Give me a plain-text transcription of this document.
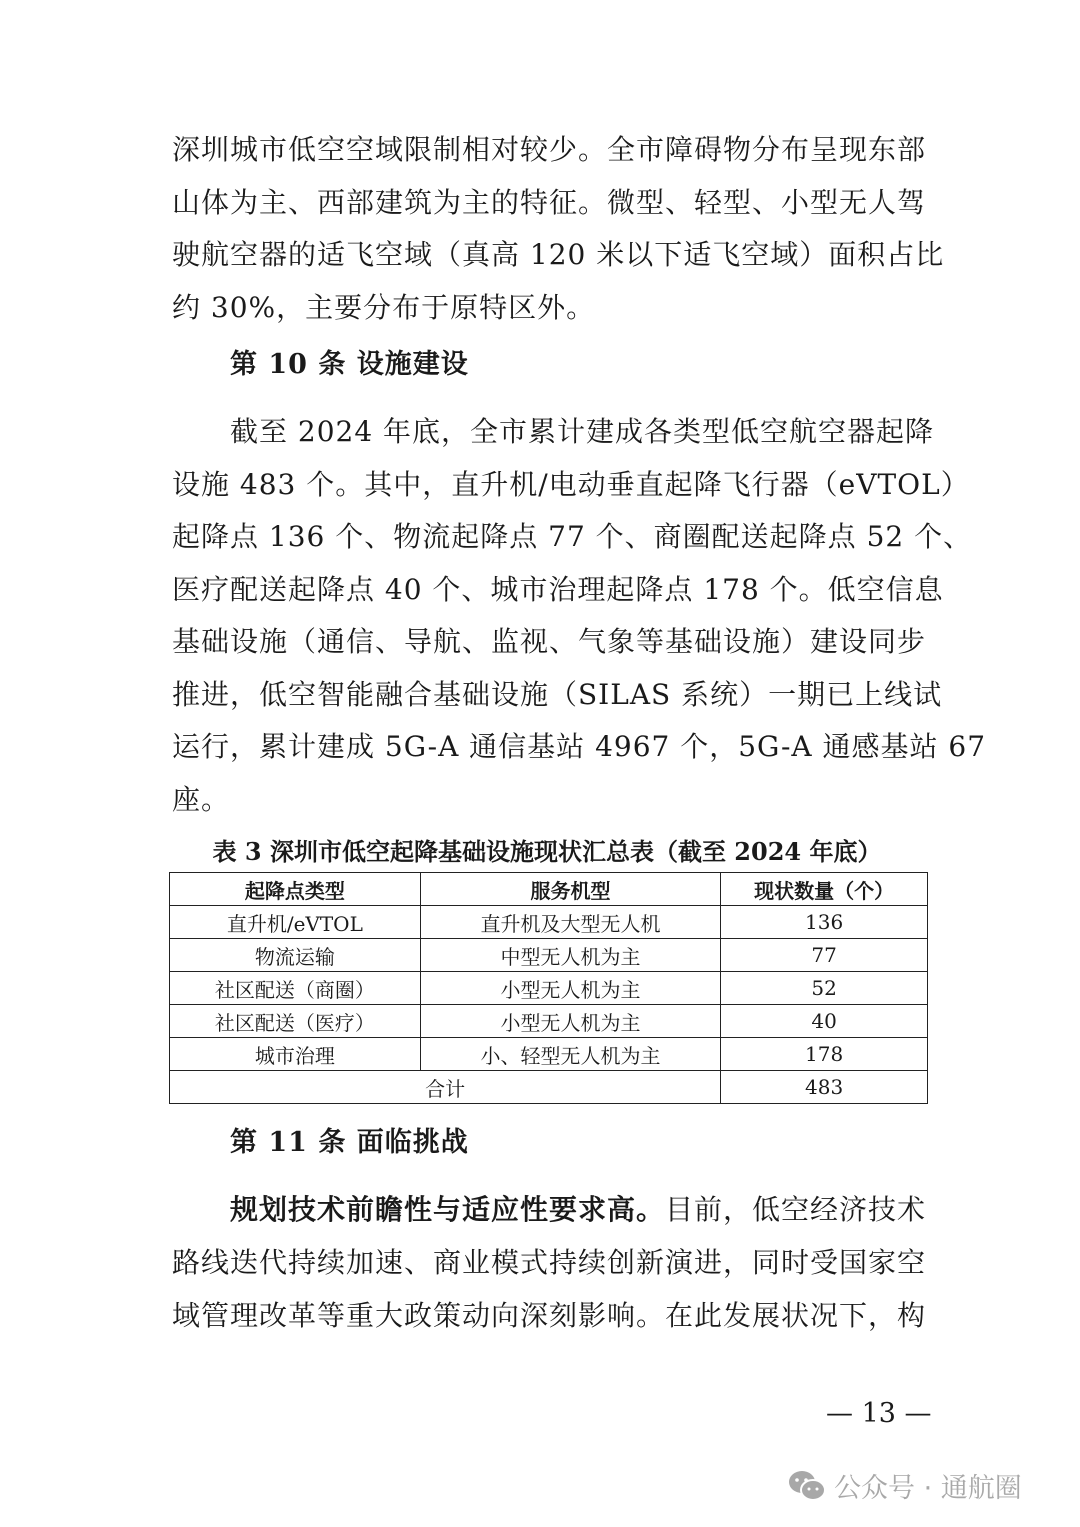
深圳城市低空空域限制相对较少。全市障碍物分布呈现东部
山体为主、西部建筑为主的特征。微型、轻型、小型无人驾
驶航空器的适飞空域（真高 120 米以下适飞空域）面积占比
约 30%，主要分布于原特区外。
第 10 条 设施建设
截至 2024 年底，全市累计建成各类型低空航空器起降
设施 483 个。其中，直升机/电动垂直起降飞行器（eVTOL）
起降点 136 个、物流起降点 77 个、商圈配送起降点 52 个、
医疗配送起降点 40 个、城市治理起降点 178 个。低空信息
基础设施（通信、导航、监视、气象等基础设施）建设同步
推进，低空智能融合基础设施（SILAS 系统）一期已上线试
运行，累计建成 5G-A 通信基站 4967 个，5G-A 通感基站 67
座。
表 3 深圳市低空起降基础设施现状汇总表（截至 2024 年底）
起降点类型	服务机型	现状数量（个）
直升机/eVTOL	直升机及大型无人机	136
物流运输	中型无人机为主	77
社区配送（商圈）	小型无人机为主	52
社区配送（医疗）	小型无人机为主	40
城市治理	小、轻型无人机为主	178
合计		483
第 11 条 面临挑战
规划技术前瞻性与适应性要求高。目前，低空经济技术
路线迭代持续加速、商业模式持续创新演进，同时受国家空
域管理改革等重大政策动向深刻影响。在此发展状况下，构
— 13 —
公众号 · 通航圈
